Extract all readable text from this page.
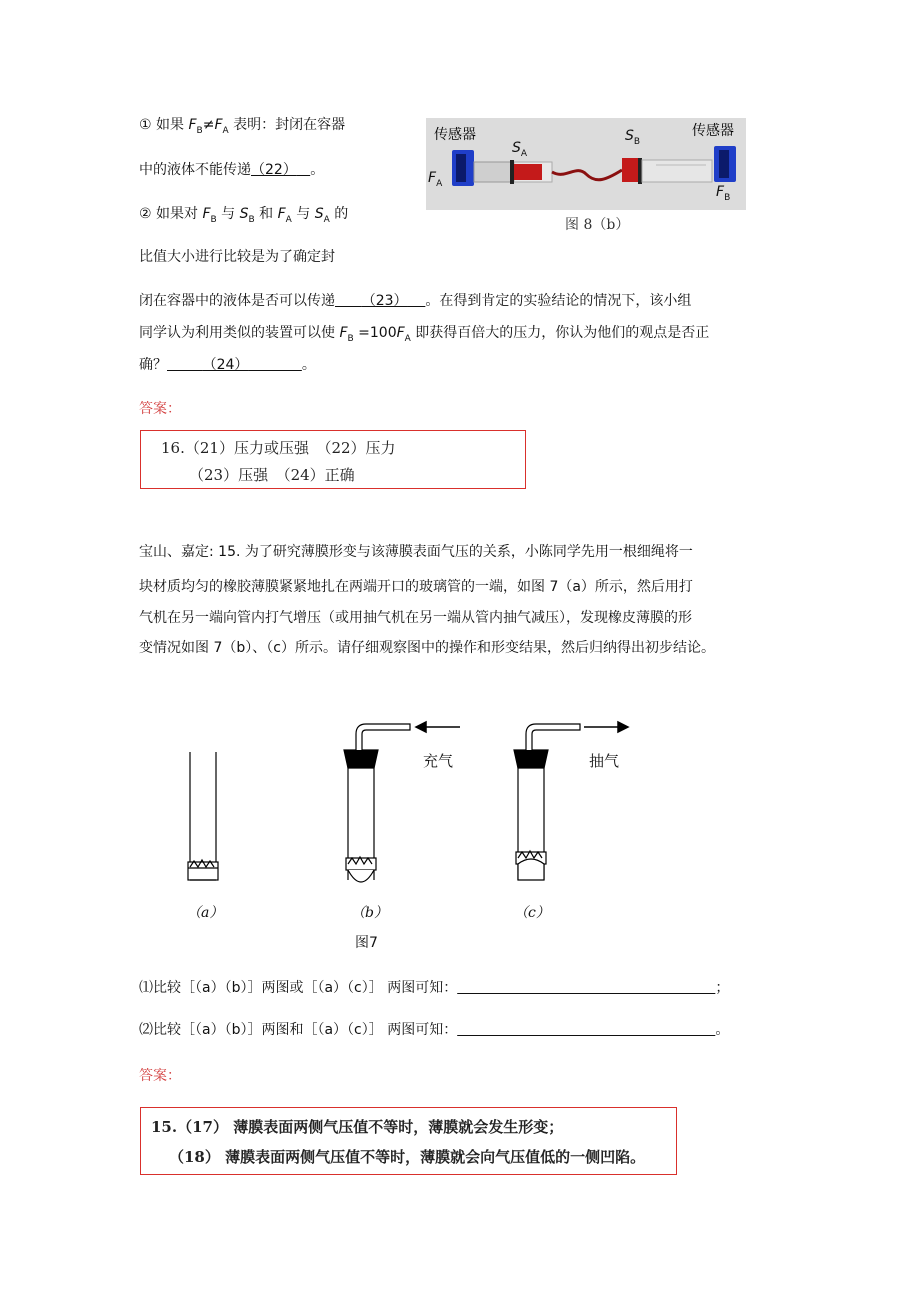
① 如果 $F_B\ne F_A$ 表明：封闭在容器
中的液体不能传递（22） 。
② 如果对 $F_B$ 与 $S_B$ 和 $F_A$ 与 $S_A$ 的
比值大小进行比较是为了确定封
闭在容器中的液体是否可以传递 （23） 。在得到肯定的实验结论的情况下，该小组
同学认为利用类似的装置可以使 $F_B =100F_A$ 即获得百倍大的压力，你认为他们的观点是否正
确？	（24）	。
答案：
16.（21）压力或压强　（22）压力
（23）压强　（24）正确
传感器	传感器
$S_A$
$S_B$
$F_A$
$F_B$
图 8（b）
宝山、嘉定: 15. 为了研究薄膜形变与该薄膜表面气压的关系，小陈同学先用一根细绳将一
块材质均匀的橡胶薄膜紧紧地扎在两端开口的玻璃管的一端，如图 7（a）所示，然后用打
气机在另一端向管内打气增压（或用抽气机在另一端从管内抽气减压），发现橡皮薄膜的形
变情况如图 7（b）、（c）所示。请仔细观察图中的操作和形变结果，然后归纳得出初步结论。
充气	抽气
（a）	（b）	（c）
图7
⑴比较［（a）（b）］两图或［（a）（c）］ 两图可知：	；
⑵比较［（a）（b）］两图和［（a）（c）］ 两图可知：	。
答案：
15.（17） 薄膜表面两侧气压值不等时，薄膜就会发生形变；
（18） 薄膜表面两侧气压值不等时，薄膜就会向气压值低的一侧凹陷。
